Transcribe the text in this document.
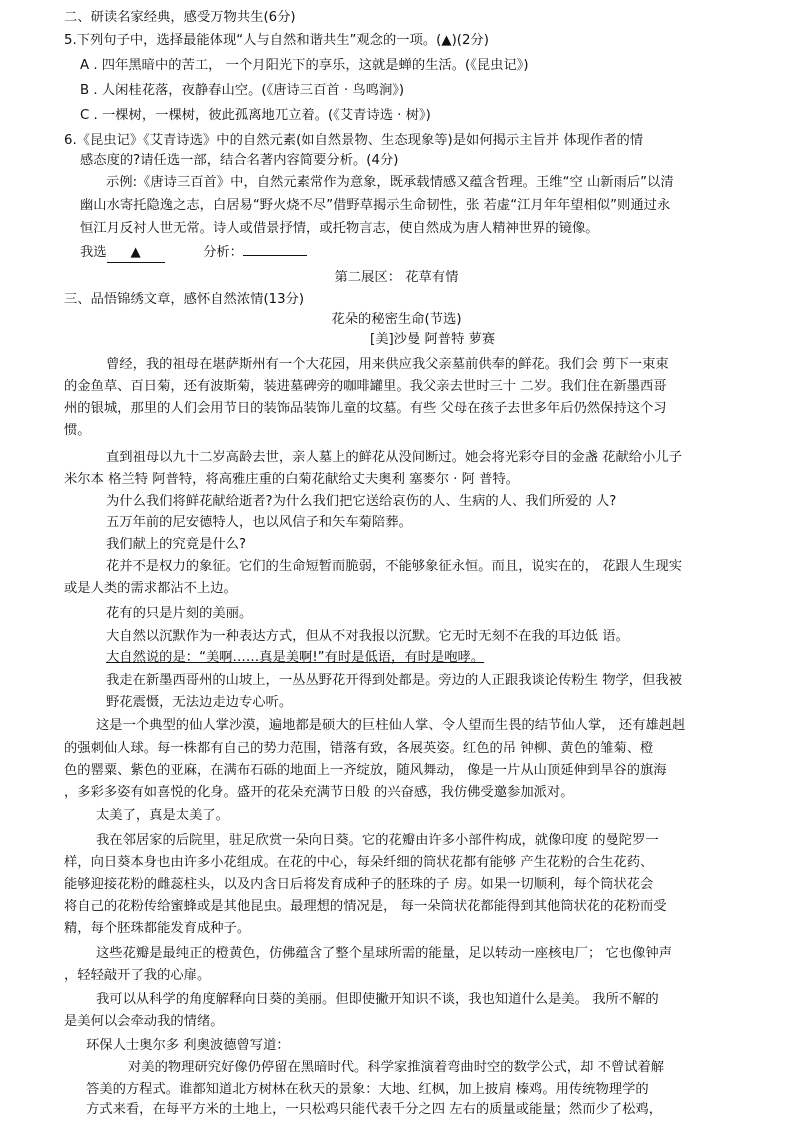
二、研读名家经典，感受万物共生(6分)
5.下列句子中，选择最能体现“人与自然和谐共生”观念的一项。(▲)(2分)
A . 四年黑暗中的苦工， 一个月阳光下的享乐，这就是蝉的生活。(《昆虫记》)
B . 人闲桂花落，夜静春山空。(《唐诗三百首 · 鸟鸣涧》)
C . 一棵树，一棵树，彼此孤离地兀立着。(《艾青诗选 · 树》)
6.《昆虫记》《艾青诗选》中的自然元素(如自然景物、生态现象等)是如何揭示主旨并 体现作者的情
感态度的?请任选一部，结合名著内容简要分析。(4分)
示例:《唐诗三百首》中，自然元素常作为意象，既承载情感又蕴含哲理。王维“空 山新雨后”以清
幽山水寄托隐逸之志，白居易“野火烧不尽”借野草揭示生命韧性，张 若虚“江月年年望相似”则通过永
恒江月反衬人世无常。诗人或借景抒情，或托物言志，使自然成为唐人精神世界的镜像。
我选 ▲	分析：
第二展区： 花草有情
三、品悟锦绣文章，感怀自然浓情(13分)
花朵的秘密生命(节选)
[美]沙曼 阿普特 萝赛
曾经，我的祖母在堪萨斯州有一个大花园，用来供应我父亲墓前供奉的鲜花。我们会 剪下一束束
的金鱼草、百日菊，还有波斯菊，装进墓碑旁的咖啡罐里。我父亲去世时三十 二岁。我们住在新墨西哥
州的银城，那里的人们会用节日的装饰品装饰儿童的坟墓。有些 父母在孩子去世多年后仍然保持这个习
惯。
直到祖母以九十二岁高龄去世，亲人墓上的鲜花从没间断过。她会将光彩夺目的金盏 花献给小儿子
米尔本 格兰特 阿普特，将高雅庄重的白菊花献给丈夫奥利 塞麥尔 · 阿 普特。
为什么我们将鲜花献给逝者?为什么我们把它送给哀伤的人、生病的人、我们所爱的 人?
五万年前的尼安德特人，也以风信子和矢车菊陪葬。
我们献上的究竟是什么?
花并不是权力的象征。它们的生命短暂而脆弱，不能够象征永恒。而且，说实在的， 花跟人生现实
或是人类的需求都沾不上边。
花有的只是片刻的美丽。
大自然以沉默作为一种表达方式，但从不对我报以沉默。它无时无刻不在我的耳边低 语。
大自然说的是：“美啊……真是美啊!”有时是低语，有时是咆哮。
我走在新墨西哥州的山坡上，一丛丛野花开得到处都是。旁边的人正跟我谈论传粉生 物学，但我被
野花震慑，无法边走边专心听。
这是一个典型的仙人掌沙漠，遍地都是硕大的巨柱仙人掌、令人望而生畏的结节仙人掌， 还有雄赳赳
的强刺仙人球。每一株都有自己的势力范围，错落有致，各展英姿。红色的吊 钟柳、黄色的雏菊、橙
色的罂粟、紫色的亚麻，在满布石砾的地面上一齐绽放，随风舞动， 像是一片从山顶延伸到旱谷的旗海
，多彩多姿有如喜悦的化身。盛开的花朵充满节日般 的兴奋感，我仿佛受邀参加派对。
太美了，真是太美了。
我在邻居家的后院里，驻足欣赏一朵向日葵。它的花瓣由许多小部件构成，就像印度 的曼陀罗一
样，向日葵本身也由许多小花组成。在花的中心，每朵纤细的筒状花都有能够 产生花粉的合生花药、
能够迎接花粉的雌蕊柱头，以及内含日后将发育成种子的胚珠的子 房。如果一切顺利，每个筒状花会
将自己的花粉传给蜜蜂或是其他昆虫。最理想的情况是， 每一朵筒状花都能得到其他筒状花的花粉而受
精，每个胚珠都能发育成种子。
这些花瓣是最纯正的橙黄色，仿佛蕴含了整个星球所需的能量，足以转动一座核电厂； 它也像钟声
，轻轻敲开了我的心扉。
我可以从科学的角度解释向日葵的美丽。但即使撇开知识不谈，我也知道什么是美。 我所不解的
是美何以会牵动我的情绪。
环保人士奥尔多 利奥波德曾写道：
对美的物理研究好像仍停留在黑暗时代。科学家推演着弯曲时空的数学公式，却 不曾试着解
答美的方程式。谁都知道北方树林在秋天的景象：大地、红枫，加上披肩 榛鸡。用传统物理学的
方式来看，在每平方米的土地上，一只松鸡只能代表千分之四 左右的质量或能量；然而少了松鸡，
